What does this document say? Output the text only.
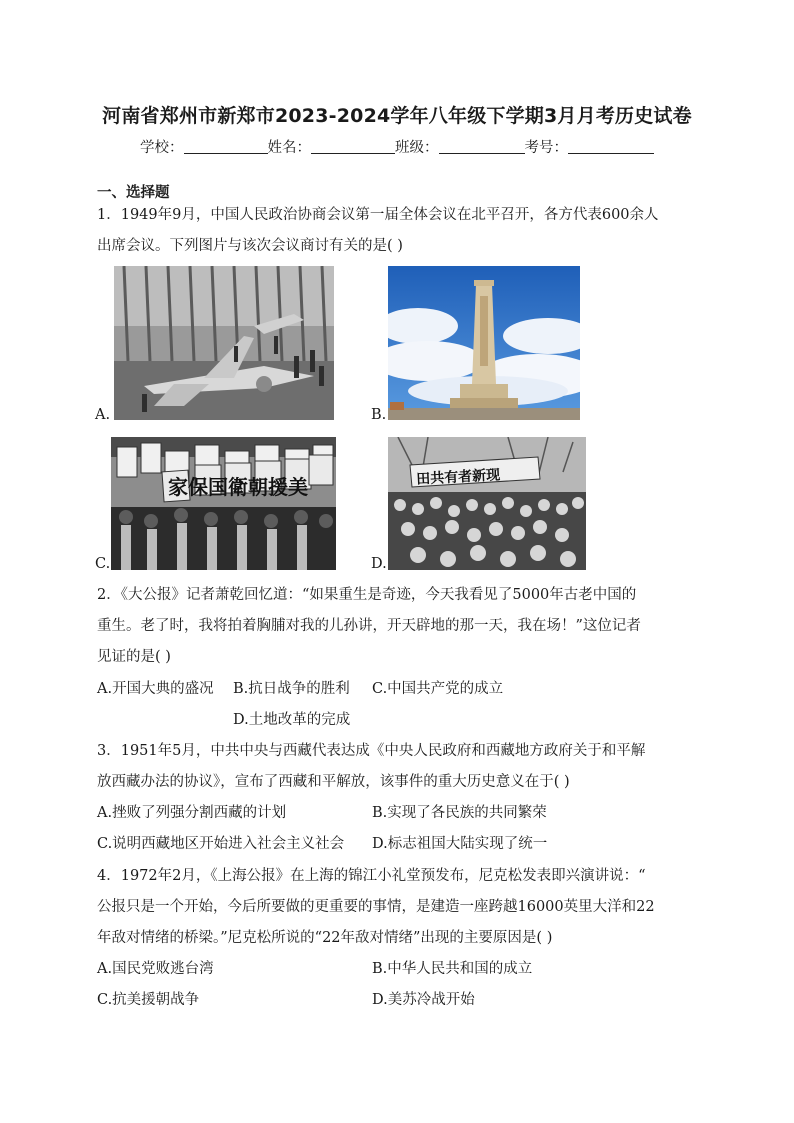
河南省郑州市新郑市2023-2024学年八年级下学期3月月考历史试卷
学校：	姓名：	班级：	考号：
一、选择题
1．1949年9月，中国人民政治协商会议第一届全体会议在北平召开，各方代表600余人
出席会议。下列图片与该次会议商讨有关的是( )
A.	B.
C.
家保国衛朝援美
D.
田共有者新现
2．《大公报》记者萧乾回忆道：“如果重生是奇迹，今天我看见了5000年古老中国的
重生。老了时，我将拍着胸脯对我的儿孙讲，开天辟地的那一天，我在场！”这位记者
见证的是( )
A.开国大典的盛况 B.抗日战争的胜利 C.中国共产党的成立
D.土地改革的完成
3．1951年5月，中共中央与西藏代表达成《中央人民政府和西藏地方政府关于和平解
放西藏办法的协议》，宣布了西藏和平解放，该事件的重大历史意义在于( )
A.挫败了列强分割西藏的计划	B.实现了各民族的共同繁荣
C.说明西藏地区开始进入社会主义社会 D.标志祖国大陆实现了统一
4．1972年2月，《上海公报》在上海的锦江小礼堂预发布，尼克松发表即兴演讲说：“
公报只是一个开始，今后所要做的更重要的事情，是建造一座跨越16000英里大洋和22
年敌对情绪的桥梁。”尼克松所说的“22年敌对情绪”出现的主要原因是( )
A.国民党败逃台湾	B.中华人民共和国的成立
C.抗美援朝战争	D.美苏冷战开始
